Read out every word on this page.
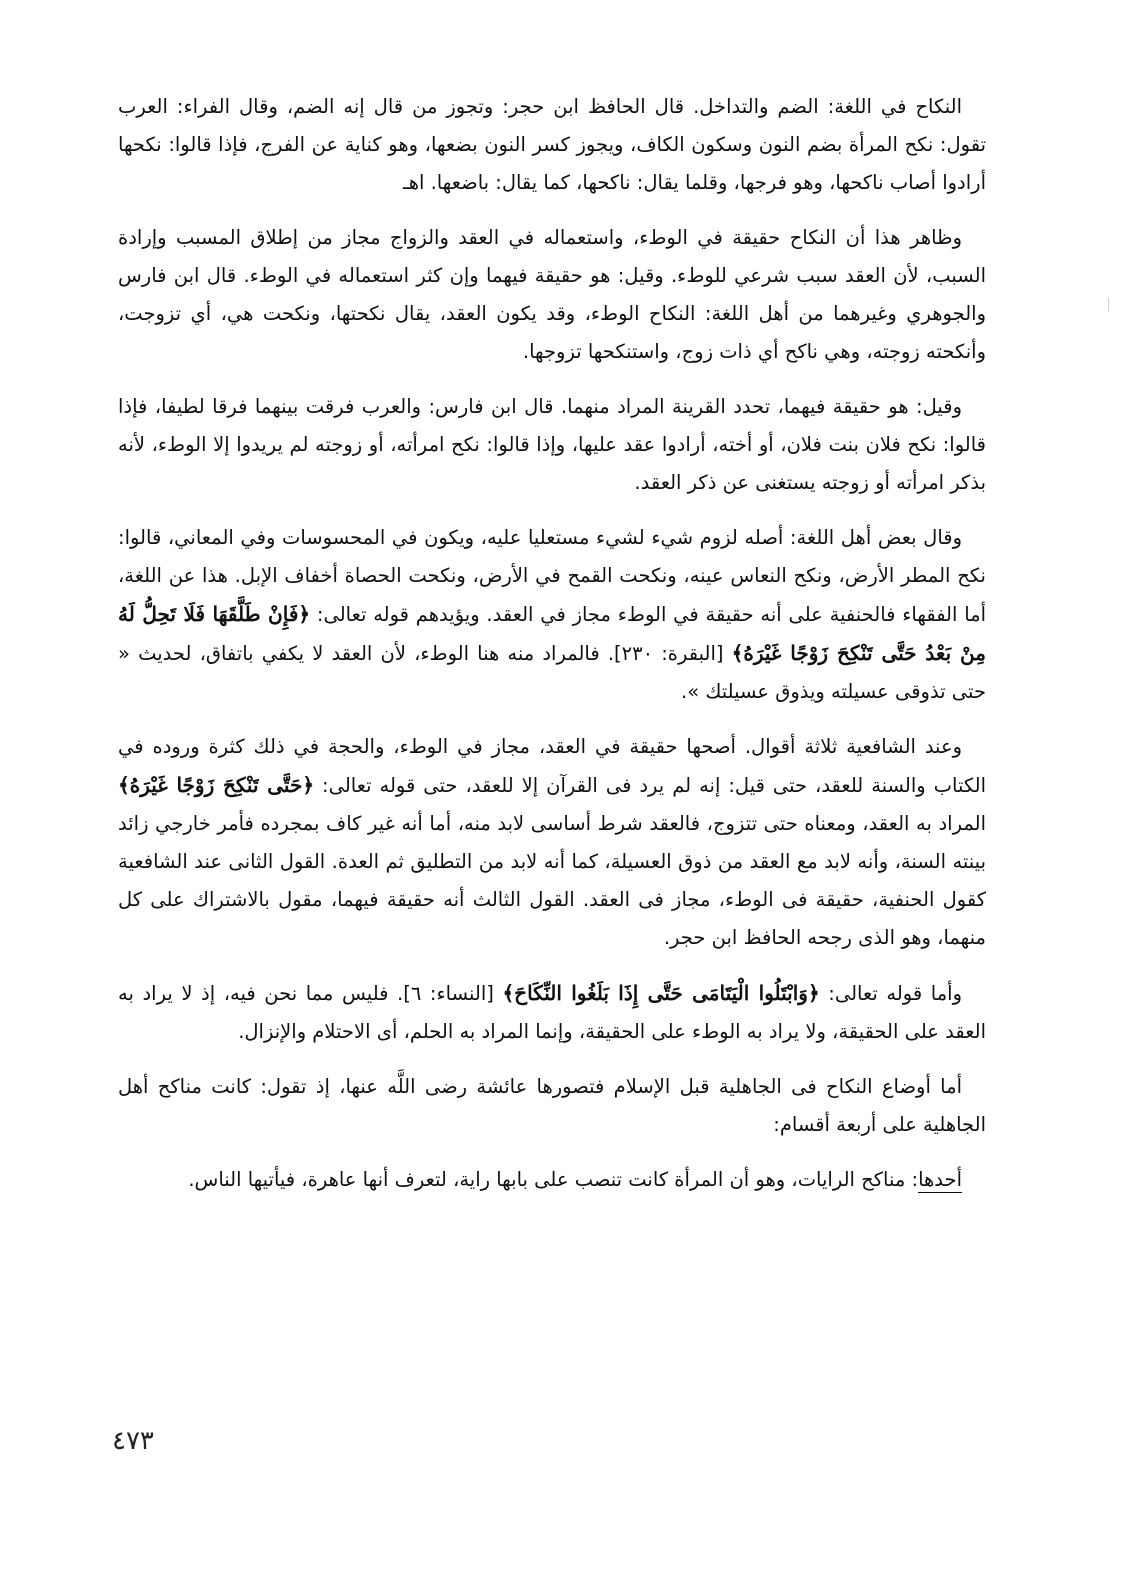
النكاح في اللغة: الضم والتداخل. قال الحافظ ابن حجر: وتجوز من قال إنه الضم، وقال الفراء: العرب تقول: نكح المرأة بضم النون وسكون الكاف، ويجوز كسر النون بضعها، وهو كناية عن الفرج، فإذا قالوا: نكحها أرادوا أصاب ناكحها، وهو فرجها، وقلما يقال: ناكحها، كما يقال: باضعها. اهـ

وظاهر هذا أن النكاح حقيقة في الوطء، واستعماله في العقد والزواج مجاز من إطلاق المسبب وإرادة السبب، لأن العقد سبب شرعي للوطء. وقيل: هو حقيقة فيهما وإن كثر استعماله في الوطء. قال ابن فارس والجوهري وغيرهما من أهل اللغة: النكاح الوطء، وقد يكون العقد، يقال نكحتها، ونكحت هي، أي تزوجت، وأنكحته زوجته، وهي ناكح أي ذات زوج، واستنكحها تزوجها.

وقيل: هو حقيقة فيهما، تحدد القرينة المراد منهما. قال ابن فارس: والعرب فرقت بينهما فرقا لطيفا، فإذا قالوا: نكح فلان بنت فلان، أو أخته، أرادوا عقد عليها، وإذا قالوا: نكح امرأته، أو زوجته لم يريدوا إلا الوطء، لأنه بذكر امرأته أو زوجته يستغنى عن ذكر العقد.

وقال بعض أهل اللغة: أصله لزوم شيء لشيء مستعليا عليه، ويكون في المحسوسات وفي المعاني، قالوا: نكح المطر الأرض، ونكح النعاس عينه، ونكحت القمح في الأرض، ونكحت الحصاة أخفاف الإبل. هذا عن اللغة، أما الفقهاء فالحنفية على أنه حقيقة في الوطء مجاز في العقد. ويؤيدهم قوله تعالى: ﴿فَإِنْ طَلَّقَهَا فَلَا تَحِلُّ لَهُ مِنْ بَعْدُ حَتَّى تَنْكِحَ زَوْجًا غَيْرَهُ﴾ [البقرة: ٢٣٠]. فالمراد منه هنا الوطء، لأن العقد لا يكفي باتفاق، لحديث « حتى تذوقى عسيلته ويذوق عسيلتك ».

وعند الشافعية ثلاثة أقوال. أصحها حقيقة في العقد، مجاز في الوطء، والحجة في ذلك كثرة وروده في الكتاب والسنة للعقد، حتى قيل: إنه لم يرد فى القرآن إلا للعقد، حتى قوله تعالى: ﴿حَتَّى تَنْكِحَ زَوْجًا غَيْرَهُ﴾ المراد به العقد، ومعناه حتى تتزوج، فالعقد شرط أساسى لابد منه، أما أنه غير كاف بمجرده فأمر خارجي زائد بينته السنة، وأنه لابد مع العقد من ذوق العسيلة، كما أنه لابد من التطليق ثم العدة. القول الثانى عند الشافعية كقول الحنفية، حقيقة فى الوطء، مجاز فى العقد. القول الثالث أنه حقيقة فيهما، مقول بالاشتراك على كل منهما، وهو الذى رجحه الحافظ ابن حجر.

وأما قوله تعالى: ﴿وَابْتَلُوا الْيَتَامَى حَتَّى إِذَا بَلَغُوا النِّكَاحَ﴾ [النساء: ٦]. فليس مما نحن فيه، إذ لا يراد به العقد على الحقيقة، ولا يراد به الوطء على الحقيقة، وإنما المراد به الحلم، أى الاحتلام والإنزال.

أما أوضاع النكاح فى الجاهلية قبل الإسلام فتصورها عائشة رضى اللَّه عنها، إذ تقول: كانت مناكح أهل الجاهلية على أربعة أقسام:

أحدها: مناكح الرايات، وهو أن المرأة كانت تنصب على بابها راية، لتعرف أنها عاهرة، فيأتيها الناس.

٤٧٣
